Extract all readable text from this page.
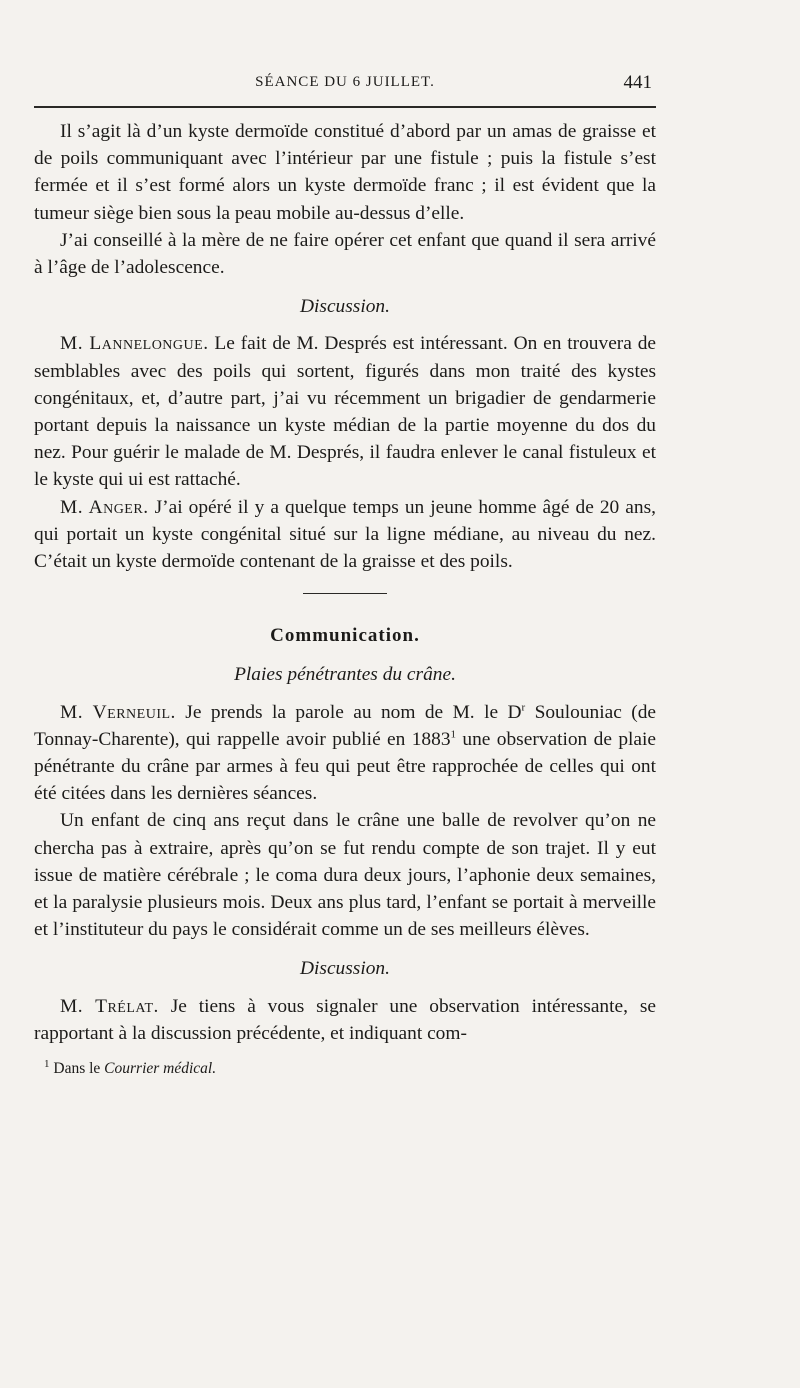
SÉANCE DU 6 JUILLET.	441

Il s’agit là d’un kyste dermoïde constitué d’abord par un amas de graisse et de poils communiquant avec l’intérieur par une fistule ; puis la fistule s’est fermée et il s’est formé alors un kyste dermoïde franc ; il est évident que la tumeur siège bien sous la peau mobile au-dessus d’elle.

J’ai conseillé à la mère de ne faire opérer cet enfant que quand il sera arrivé à l’âge de l’adolescence.

Discussion.

M. Lannelongue. Le fait de M. Després est intéressant. On en trouvera de semblables avec des poils qui sortent, figurés dans mon traité des kystes congénitaux, et, d’autre part, j’ai vu récemment un brigadier de gendarmerie portant depuis la naissance un kyste médian de la partie moyenne du dos du nez. Pour guérir le malade de M. Després, il faudra enlever le canal fistuleux et le kyste qui ui est rattaché.

M. Anger. J’ai opéré il y a quelque temps un jeune homme âgé de 20 ans, qui portait un kyste congénital situé sur la ligne médiane, au niveau du nez. C’était un kyste dermoïde contenant de la graisse et des poils.

Communication.
Plaies pénétrantes du crâne.

M. Verneuil. Je prends la parole au nom de M. le $D^r$ Soulouniac (de Tonnay-Charente), qui rappelle avoir publié en 1883$^1$ une observation de plaie pénétrante du crâne par armes à feu qui peut être rapprochée de celles qui ont été citées dans les dernières séances.

Un enfant de cinq ans reçut dans le crâne une balle de revolver qu’on ne chercha pas à extraire, après qu’on se fut rendu compte de son trajet. Il y eut issue de matière cérébrale ; le coma dura deux jours, l’aphonie deux semaines, et la paralysie plusieurs mois. Deux ans plus tard, l’enfant se portait à merveille et l’instituteur du pays le considérait comme un de ses meilleurs élèves.

Discussion.

M. Trélat. Je tiens à vous signaler une observation intéressante, se rapportant à la discussion précédente, et indiquant com-

$^1$ Dans le Courrier médical.
